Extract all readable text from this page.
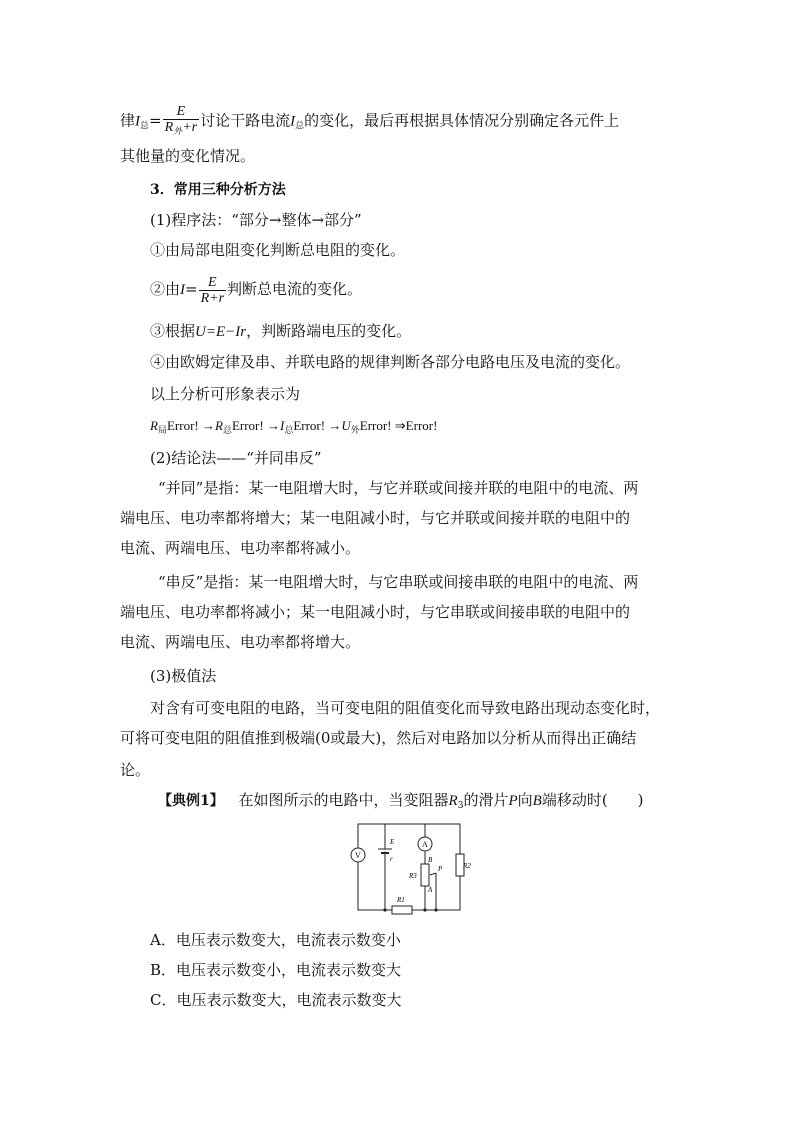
律$I_总= \frac{E}{R_外+r}$ 讨论干路电流$I_总$的变化，最后再根据具体情况分别确定各元件上
其他量的变化情况。
3．常用三种分析方法
(1)程序法：“部分→整体→部分”
①由局部电阻变化判断总电阻的变化。
②由$I= \frac{E}{R+r}$ 判断总电流的变化。
③根据U=E−Ir，判断路端电压的变化。
④由欧姆定律及串、并联电路的规律判断各部分电路电压及电流的变化。
以上分析可形象表示为
$R_局Error$! $\to R_总Error$! $\to I_总Error$! $\to U_外Error$! ⇒Error!
(2)结论法——“并同串反”
“并同”是指：某一电阻增大时，与它并联或间接并联的电阻中的电流、两
端电压、电功率都将增大；某一电阻减小时，与它并联或间接并联的电阻中的
电流、两端电压、电功率都将减小。
“串反”是指：某一电阻增大时，与它串联或间接串联的电阻中的电流、两
端电压、电功率都将减小；某一电阻减小时，与它串联或间接串联的电阻中的
电流、两端电压、电功率都将增大。
(3)极值法
对含有可变电阻的电路，当可变电阻的阻值变化而导致电路出现动态变化时，
可将可变电阻的阻值推到极端(0或最大)，然后对电路加以分析从而得出正确结
论。
【典例1】 在如图所示的电路中，当变阻器$R_3$的滑片P向B端移动时(　　)
V
A
E
r
R1
R2
R3
B
A
P
A．电压表示数变大，电流表示数变小
B．电压表示数变小，电流表示数变大
C．电压表示数变大，电流表示数变大
